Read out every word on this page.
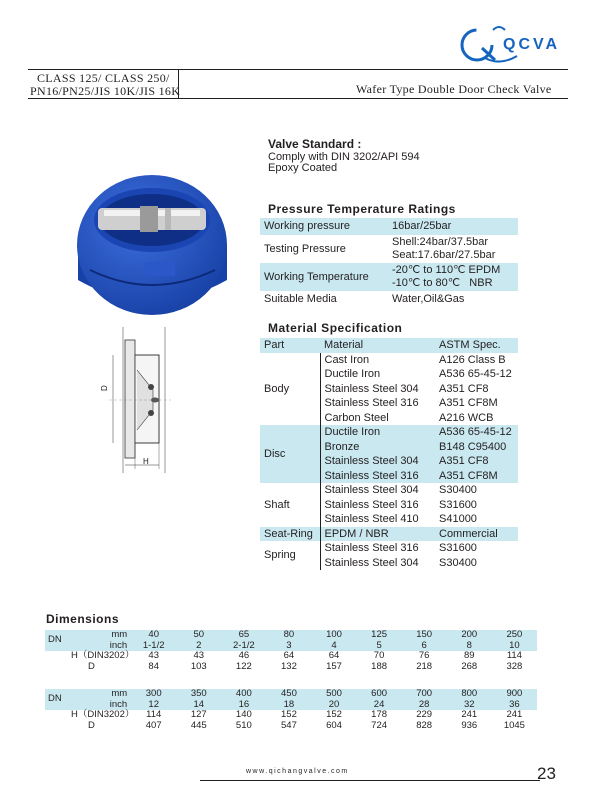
QCVA
CLASS 125/ CLASS 250/
PN16/PN25/JIS 10K/JIS 16K	Wafer Type Double Door Check Valve
D
H
Valve Standard :
Comply with DIN 3202/API 594
Epoxy Coated
Pressure Temperature Ratings
Working pressure	16bar/25bar
Testing Pressure	Shell:24bar/37.5bar
Seat:17.6bar/27.5bar

Working Temperature	-20℃ to 110℃ EPDM
-10℃ to 80℃   NBR

Suitable Media	Water,Oil&Gas
Material Specification
Part	Material	ASTM Spec.
Body	Cast Iron	A126 Class B
	Ductile Iron	A536 65-45-12
	Stainless Steel 304	A351 CF8
	Stainless Steel 316	A351 CF8M
	Carbon Steel	A216 WCB
Disc	Ductile Iron	A536 65-45-12
	Bronze	B148 C95400
	Stainless Steel 304	A351 CF8
	Stainless Steel 316	A351 CF8M
Shaft	Stainless Steel 304	S30400
	Stainless Steel 316	S31600
	Stainless Steel 410	S41000
Seat-Ring	EPDM / NBR	Commercial
Spring	Stainless Steel 316	S31600
	Stainless Steel 304	S30400
Dimensions
DN	mm	40	50	65	80	100	125	150	200	250
	inch	1-1/2	2	2-1/2	3	4	5	6	8	10
H（DIN3202）		43	43	46	64	64	70	76	89	114
D		84	103	122	132	157	188	218	268	328
DN	mm	300	350	400	450	500	600	700	800	900
	inch	12	14	16	18	20	24	28	32	36
H（DIN3202）		114	127	140	152	152	178	229	241	241
D		407	445	510	547	604	724	828	936	1045
www.qichangvalve.com	23
